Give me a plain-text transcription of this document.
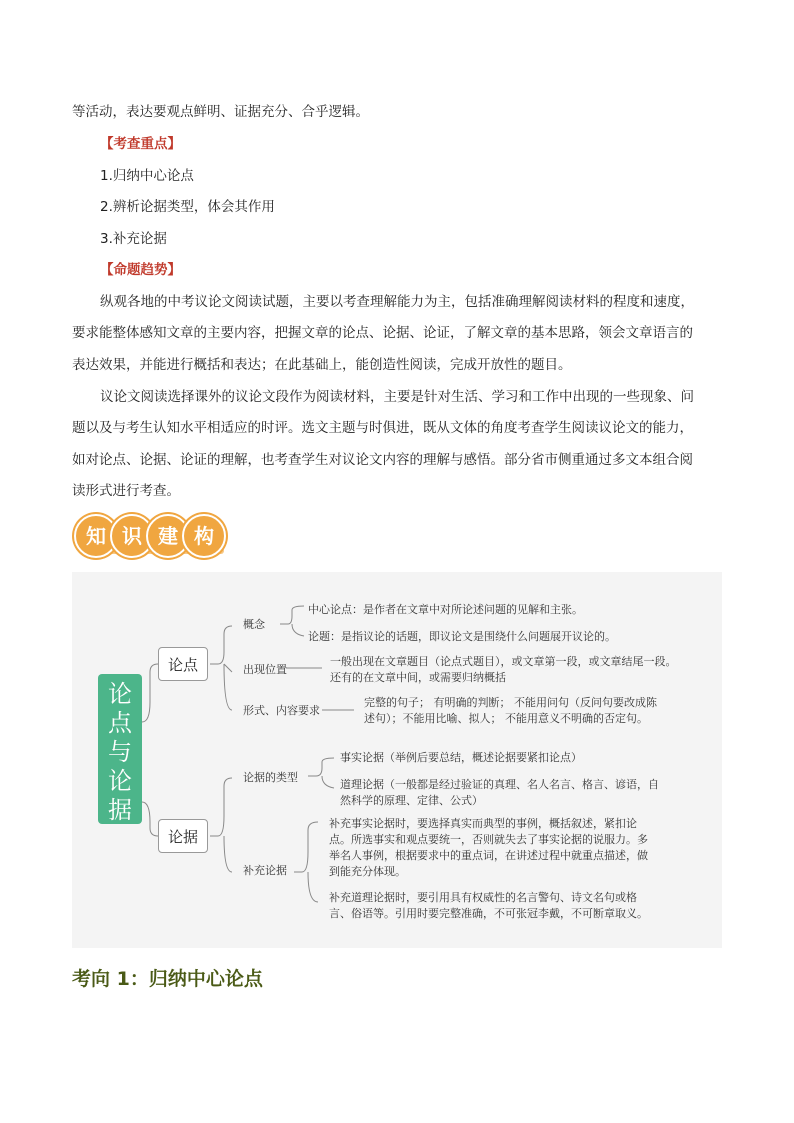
等活动，表达要观点鲜明、证据充分、合乎逻辑。
【考查重点】
1.归纳中心论点
2.辨析论据类型，体会其作用
3.补充论据
【命题趋势】
纵观各地的中考议论文阅读试题，主要以考查理解能力为主，包括准确理解阅读材料的程度和速度，
要求能整体感知文章的主要内容，把握文章的论点、论据、论证，了解文章的基本思路，领会文章语言的
表达效果，并能进行概括和表达；在此基础上，能创造性阅读，完成开放性的题目。
议论文阅读选择课外的议论文段作为阅读材料，主要是针对生活、学习和工作中出现的一些现象、问
题以及与考生认知水平相适应的时评。选文主题与时俱进，既从文体的角度考查学生阅读议论文的能力，
如对论点、论据、论证的理解，也考查学生对议论文内容的理解与感悟。部分省市侧重通过多文本组合阅
读形式进行考查。
知 识 建 构
论
点
与
论
据
论点
论据
概念
中心论点：是作者在文章中对所论述问题的见解和主张。
论题：是指议论的话题，即议论文是围绕什么问题展开议论的。
出现位置
一般出现在文章题目（论点式题目），或文章第一段，或文章结尾一段。
还有的在文章中间，或需要归纳概括
形式、内容要求
完整的句子； 有明确的判断； 不能用问句（反问句要改成陈
述句）；不能用比喻、拟人； 不能用意义不明确的否定句。
论据的类型
事实论据（举例后要总结，概述论据要紧扣论点）
道理论据（一般都是经过验证的真理、名人名言、格言、谚语，自
然科学的原理、定律、公式）
补充论据
补充事实论据时，要选择真实而典型的事例，概括叙述，紧扣论
点。所选事实和观点要统一，否则就失去了事实论据的说服力。多
举名人事例，根据要求中的重点词，在讲述过程中就重点描述，做
到能充分体现。
补充道理论据时，要引用具有权威性的名言警句、诗文名句或格
言、俗语等。引用时要完整准确，不可张冠李戴，不可断章取义。
考向 1：归纳中心论点
